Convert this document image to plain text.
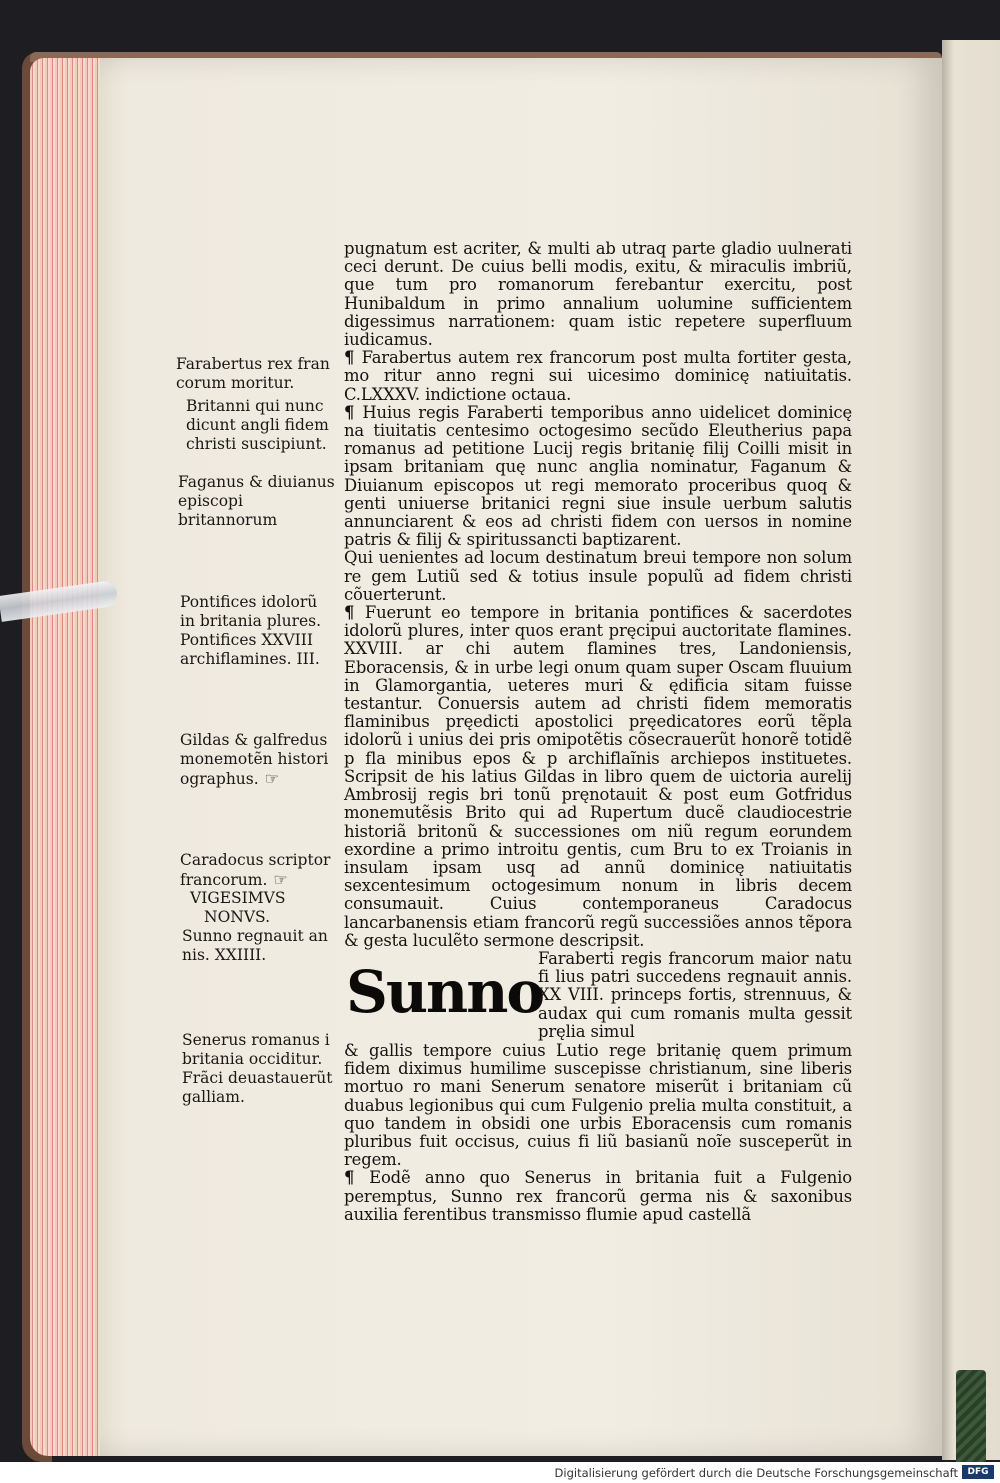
Farabertus rex fran

corum moritur.

Britanni qui nunc

dicunt angli fidem

christi suscipiunt.

Faganus & diuianus

episcopi britannorum

Pontifices idolorũ

in britania plures.

Pontifices XXVIII

archiflamines. III.

Gildas & galfredus

monemotẽn histori

ographus. ☞

Caradocus scriptor

francorum. ☞

VIGESIMVS

NONVS.

Sunno regnauit an

nis. XXIIII.

Senerus romanus i

britania occiditur.

Frãci deuastauerũt

galliam.

pugnatum est acriter, & multi ab utraq parte gladio uulnerati ceci derunt. De cuius belli modis, exitu, & miraculis imbriũ, que tum pro romanorum ferebantur exercitu, post Hunibaldum in primo annalium uolumine sufficientem digessimus narrationem: quam istic repetere superfluum iudicamus.

¶ Farabertus autem rex francorum post multa fortiter gesta, mo ritur anno regni sui uicesimo dominicę natiuitatis. C.LXXXV. indictione octaua.

¶ Huius regis Faraberti temporibus anno uidelicet dominicę na tiuitatis centesimo octogesimo secũdo Eleutherius papa romanus ad petitione Lucij regis britanię filij Coilli misit in ipsam britaniam quę nunc anglia nominatur, Faganum & Diuianum episcopos ut regi memorato proceribus quoq & genti uniuerse britanici regni siue insule uerbum salutis annunciarent & eos ad christi fidem con uersos in nomine patris & filij & spiritussancti baptizarent.

Qui uenientes ad locum destinatum breui tempore non solum re gem Lutiũ sed & totius insule populũ ad fidem christi cõuerterunt.

¶ Fuerunt eo tempore in britania pontifices & sacerdotes idolorũ plures, inter quos erant pręcipui auctoritate flamines. XXVIII. ar chi autem flamines tres, Landoniensis, Eboracensis, & in urbe legi onum quam super Oscam fluuium in Glamorgantia, ueteres muri & ędificia sitam fuisse testantur. Conuersis autem ad christi fidem memoratis flaminibus pręedicti apostolici pręedicatores eorũ tẽpla idolorũ i unius dei pris omipotẽtis cõsecrauerũt honorẽ totidẽ p fla minibus epos & p archiflaĩnis archiepos instituetes. Scripsit de his latius Gildas in libro quem de uictoria aurelij Ambrosij regis bri tonũ pręnotauit & post eum Gotfridus monemutẽsis Brito qui ad Rupertum ducẽ claudiocestrie historiã britonũ & successiones om niũ regum eorundem exordine a primo introitu gentis, cum Bru to ex Troianis in insulam ipsam usq ad annũ dominicę natiuitatis sexcentesimum octogesimum nonum in libris decem consumauit. Cuius contemporaneus Caradocus lancarbanensis etiam francorũ regũ successiões annos tẽpora & gesta luculẽto sermone descripsit.

Sunno
Faraberti regis francorum maior natu fi lius patri succedens regnauit annis. XX VIII. princeps fortis, strennuus, & audax qui cum romanis multa gessit pręlia simul

& gallis tempore cuius Lutio rege britanię quem primum fidem diximus humilime suscepisse christianum, sine liberis mortuo ro mani Senerum senatore miserũt i britaniam cũ duabus legionibus qui cum Fulgenio prelia multa constituit, a quo tandem in obsidi one urbis Eboracensis cum romanis pluribus fuit occisus, cuius fi liũ basianũ noĩe susceperũt in regem.

¶ Eodẽ anno quo Senerus in britania fuit a Fulgenio peremptus, Sunno rex francorũ germa nis & saxonibus auxilia ferentibus transmisso flumie apud castellã

Digitalisierung gefördert durch die Deutsche Forschungsgemeinschaft	DFG
